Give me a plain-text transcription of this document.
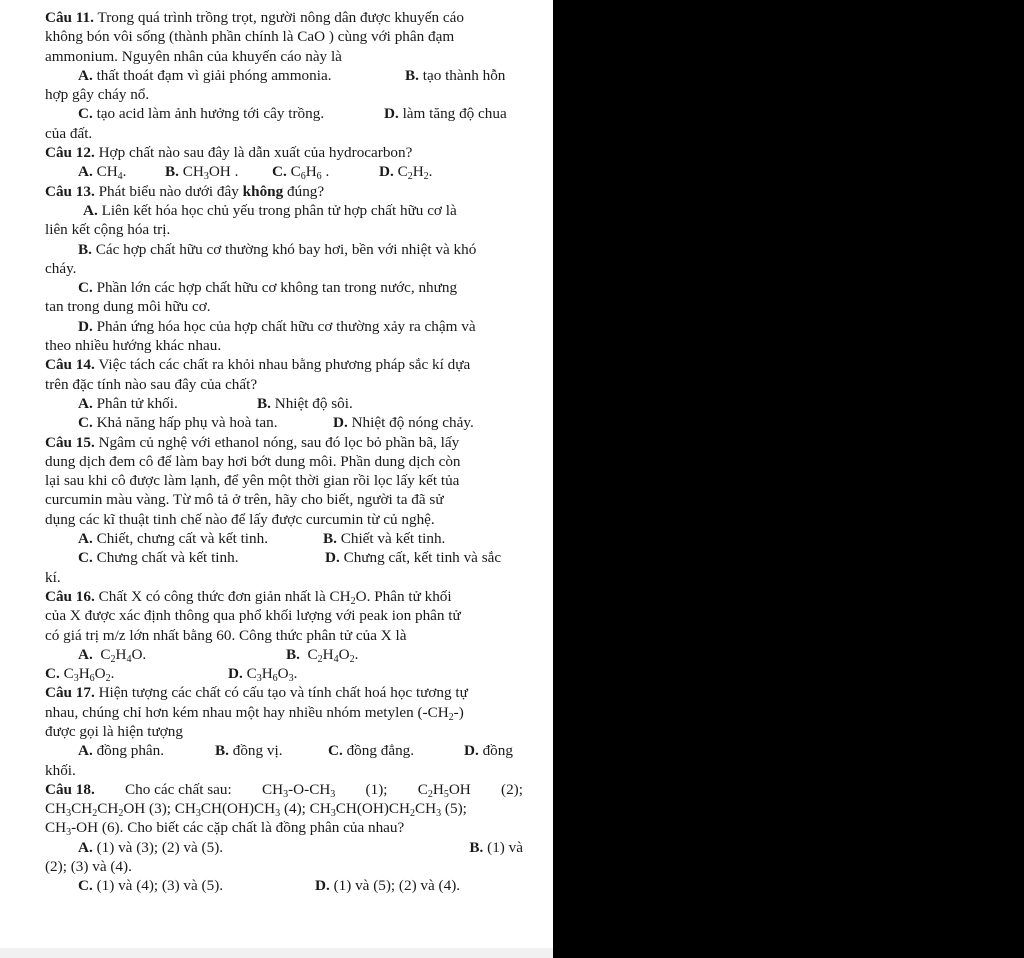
Câu 11. Trong quá trình trồng trọt, người nông dân được khuyến cáo
không bón vôi sống (thành phần chính là CaO ) cùng với phân đạm
ammonium. Nguyên nhân của khuyến cáo này là
A. thất thoát đạm vì giải phóng ammonia.	B. tạo thành hỗn
hợp gây cháy nổ.
C. tạo acid làm ảnh hưởng tới cây trồng.	D. làm tăng độ chua
của đất.
Câu 12. Hợp chất nào sau đây là dẫn xuất của hydrocarbon?
A. $CH_4$.	B. $CH_3OH$ . C. $C_6H_6$ .	D. $C_2H_2$.
Câu 13. Phát biểu nào dưới đây không đúng?
A. Liên kết hóa học chủ yếu trong phân tử hợp chất hữu cơ là
liên kết cộng hóa trị.
B. Các hợp chất hữu cơ thường khó bay hơi, bền với nhiệt và khó
cháy.
C. Phần lớn các hợp chất hữu cơ không tan trong nước, nhưng
tan trong dung môi hữu cơ.
D. Phản ứng hóa học của hợp chất hữu cơ thường xảy ra chậm và
theo nhiều hướng khác nhau.
Câu 14. Việc tách các chất ra khỏi nhau bằng phương pháp sắc kí dựa
trên đặc tính nào sau đây của chất?
A. Phân tử khối.	B. Nhiệt độ sôi.
C. Khả năng hấp phụ và hoà tan.	D. Nhiệt độ nóng chảy.
Câu 15. Ngâm củ nghệ với ethanol nóng, sau đó lọc bỏ phần bã, lấy
dung dịch đem cô để làm bay hơi bớt dung môi. Phần dung dịch còn
lại sau khi cô được làm lạnh, để yên một thời gian rồi lọc lấy kết tủa
curcumin màu vàng. Từ mô tả ở trên, hãy cho biết, người ta đã sử
dụng các kĩ thuật tinh chế nào để lấy được curcumin từ củ nghệ.
A. Chiết, chưng cất và kết tinh.	B. Chiết và kết tinh.
C. Chưng chất và kết tinh.	D. Chưng cất, kết tinh và sắc
kí.
Câu 16. Chất X có công thức đơn giản nhất là $CH_2O$. Phân tử khối
của X được xác định thông qua phổ khối lượng với peak ion phân tử
có giá trị m/z lớn nhất bằng 60. Công thức phân tử của X là
A.  $C_2H_4O$.	B.  $C_2H_4O_2$.
C. $C_3H_6O_2$.	D. $C_3H_6O_3$.
Câu 17. Hiện tượng các chất có cấu tạo và tính chất hoá học tương tự
nhau, chúng chỉ hơn kém nhau một hay nhiều nhóm metylen $(-CH_2-)$
được gọi là hiện tượng
A. đồng phân.	B. đồng vị.	C. đồng đẳng.	D. đồng
khối.
Câu 18. Cho các chất sau: $CH_3-O-CH_3$ (1); $C_2H_5OH$ (2);
$CH_3CH_2CH_2OH$ (3); $CH_3CH(OH)CH_3$ (4); $CH_3CH(OH)CH_2CH_3$ (5);
$CH_3-OH$ (6). Cho biết các cặp chất là đồng phân của nhau?
A. (1) và (3); (2) và (5).	B. (1) và
(2); (3) và (4).
C. (1) và (4); (3) và (5).	D. (1) và (5); (2) và (4).
